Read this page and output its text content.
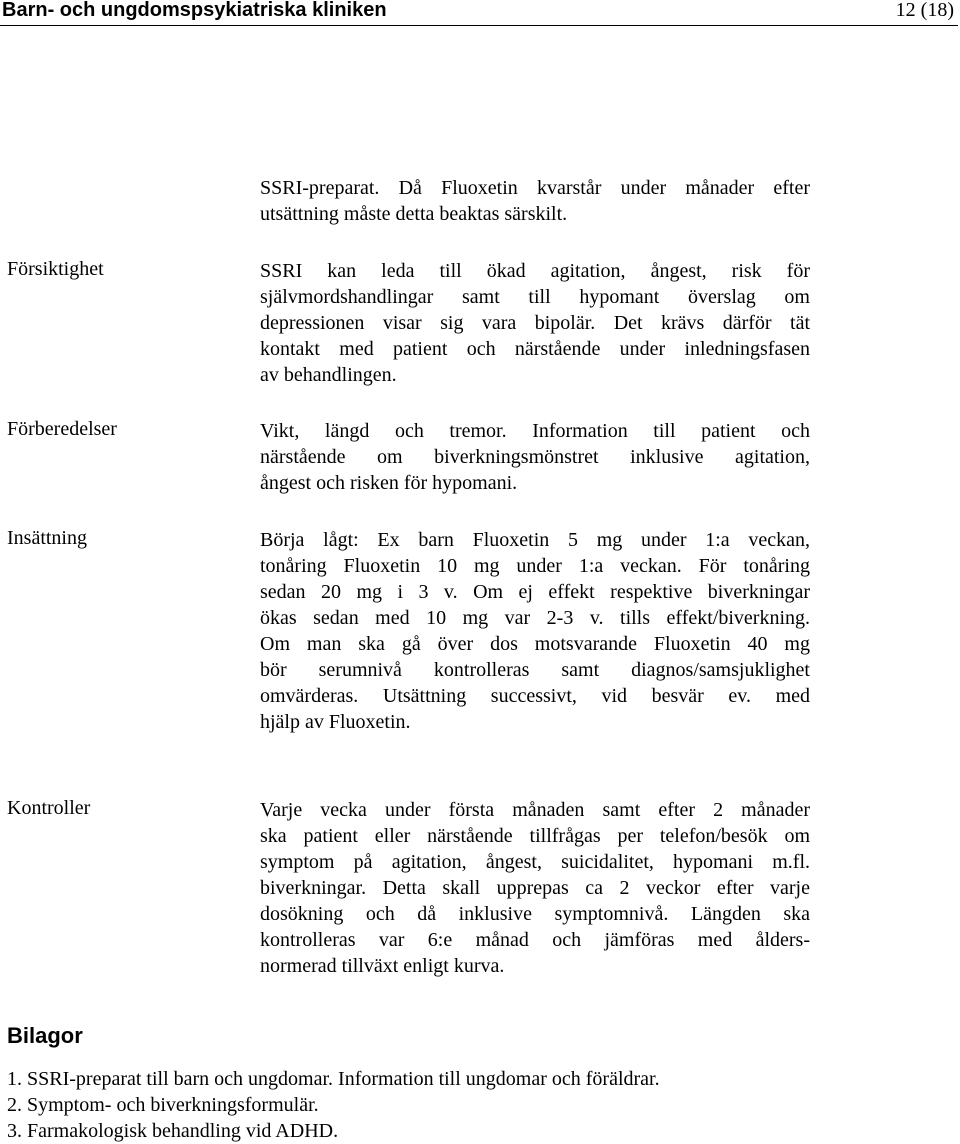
Barn- och ungdomspsykiatriska kliniken	12 (18)
SSRI-preparat. Då Fluoxetin kvarstår under månader efter
utsättning måste detta beaktas särskilt.
Försiktighet	SSRI kan leda till ökad agitation, ångest, risk för
självmordshandlingar samt till hypomant överslag om
depressionen visar sig vara bipolär. Det krävs därför tät
kontakt med patient och närstående under inledningsfasen
av behandlingen.
Förberedelser	Vikt, längd och tremor. Information till patient och
närstående om biverkningsmönstret inklusive agitation,
ångest och risken för hypomani.
Insättning	Börja lågt: Ex barn Fluoxetin 5 mg under 1:a veckan,
tonåring Fluoxetin 10 mg under 1:a veckan. För tonåring
sedan 20 mg i 3 v. Om ej effekt respektive biverkningar
ökas sedan med 10 mg var 2-3 v. tills effekt/biverkning.
Om man ska gå över dos motsvarande Fluoxetin 40 mg
bör serumnivå kontrolleras samt diagnos/samsjuklighet
omvärderas. Utsättning successivt, vid besvär ev. med
hjälp av Fluoxetin.
Kontroller	Varje vecka under första månaden samt efter 2 månader
ska patient eller närstående tillfrågas per telefon/besök om
symptom på agitation, ångest, suicidalitet, hypomani m.fl.
biverkningar. Detta skall upprepas ca 2 veckor efter varje
dosökning och då inklusive symptomnivå. Längden ska
kontrolleras var 6:e månad och jämföras med ålders-
normerad tillväxt enligt kurva.
Bilagor
1. SSRI-preparat till barn och ungdomar. Information till ungdomar och föräldrar.
2. Symptom- och biverkningsformulär.
3. Farmakologisk behandling vid ADHD.
